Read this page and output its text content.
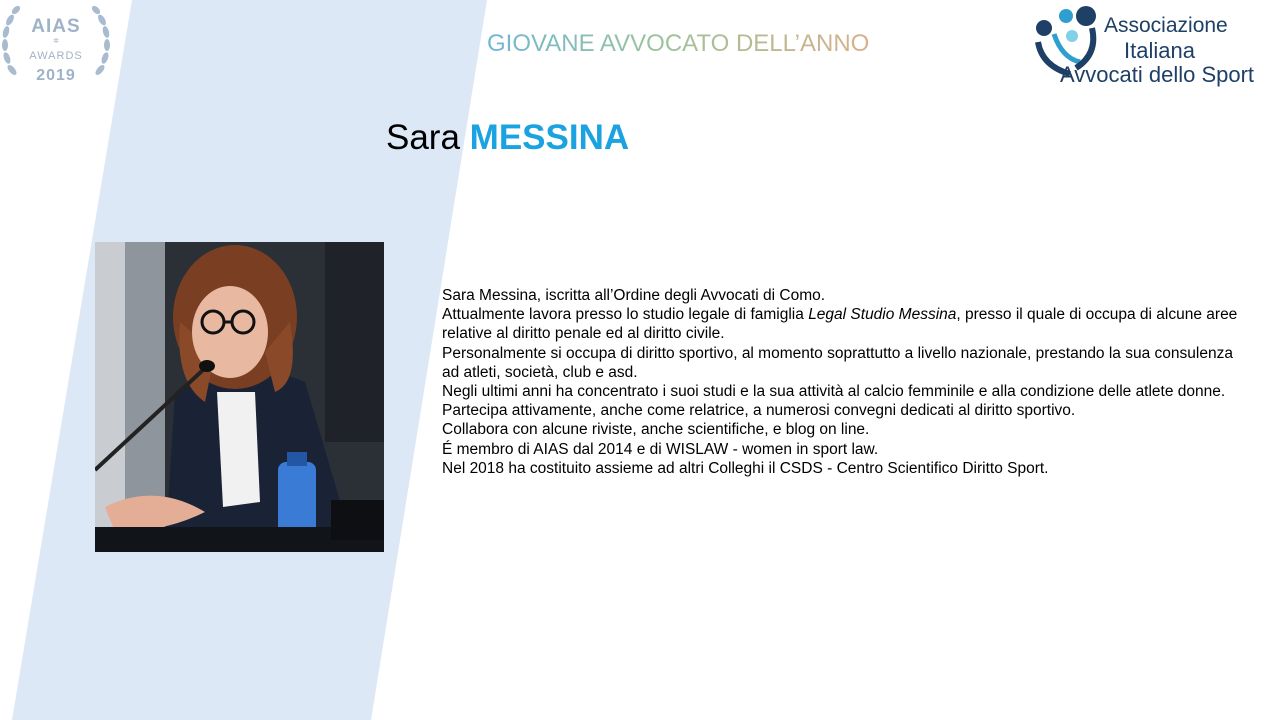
AIAS
✲
AWARDS
2019
GIOVANE AVVOCATO DELL’ANNO
Associazione
Italiana
Avvocati dello Sport
Sara MESSINA

Sara Messina, iscritta all’Ordine degli Avvocati di Como.

Attualmente lavora presso lo studio legale di famiglia Legal Studio Messina, presso il quale di occupa di alcune aree relative al diritto penale ed al diritto civile.

Personalmente si occupa di diritto sportivo, al momento soprattutto a livello nazionale, prestando la sua consulenza ad atleti, società, club e asd.

Negli ultimi anni ha concentrato i suoi studi e la sua attività al calcio femminile e alla condizione delle atlete donne.

Partecipa attivamente, anche come relatrice, a numerosi convegni dedicati al diritto sportivo.

Collabora con alcune riviste, anche scientifiche, e blog on line.

É membro di AIAS dal 2014 e di WISLAW - women in sport law.

Nel 2018 ha costituito assieme ad altri Colleghi il CSDS - Centro Scientifico Diritto Sport.
